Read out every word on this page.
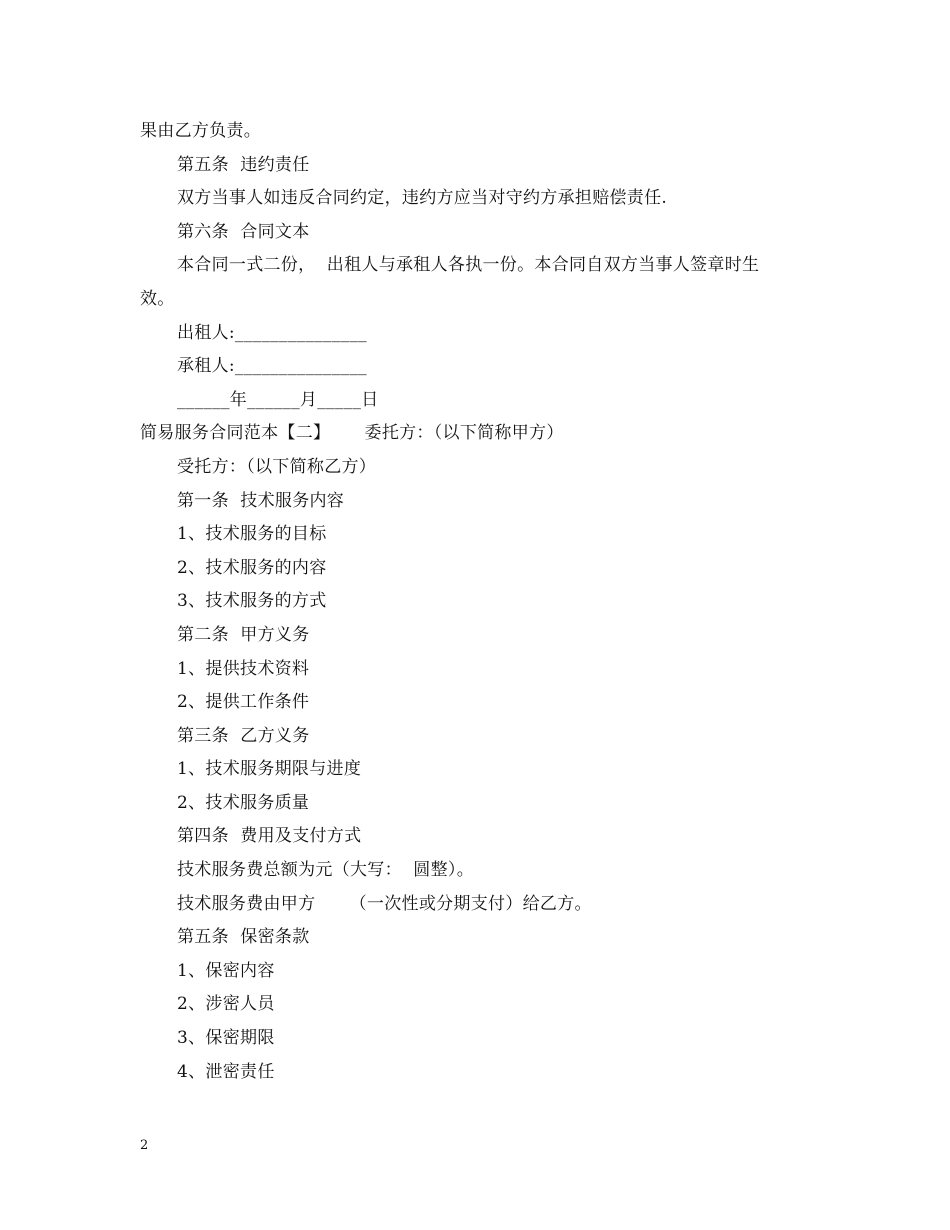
果由乙方负责。
第五条  违约责任
双方当事人如违反合同约定，违约方应当对守约方承担赔偿责任.
第六条  合同文本
本合同一式二份，  出租人与承租人各执一份。本合同自双方当事人签章时生
效。
出租人:_______________
承租人:_______________
______年______月_____日
简易服务合同范本【二】      委托方：（以下简称甲方）
受托方：（以下简称乙方）
第一条  技术服务内容
1、技术服务的目标
2、技术服务的内容
3、技术服务的方式
第二条  甲方义务
1、提供技术资料
2、提供工作条件
第三条  乙方义务
1、技术服务期限与进度
2、技术服务质量
第四条  费用及支付方式
技术服务费总额为元（大写：  圆整）。
技术服务费由甲方      （一次性或分期支付）给乙方。
第五条  保密条款
1、保密内容
2、涉密人员
3、保密期限
4、泄密责任
2
